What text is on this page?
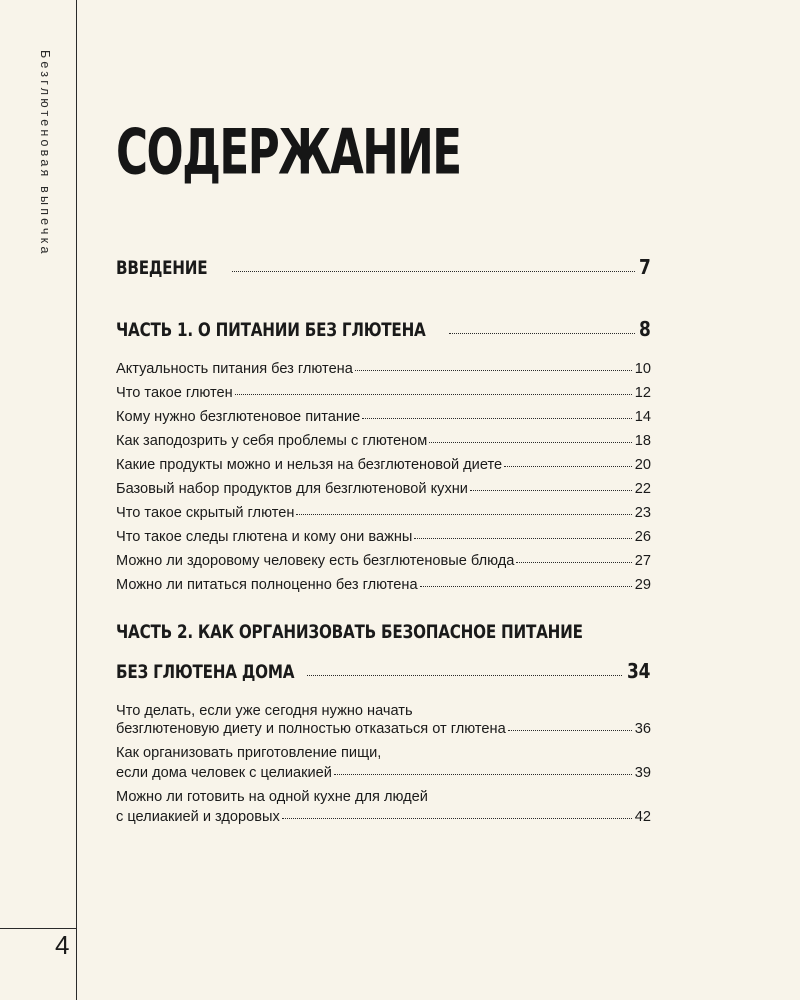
Безглютеновая выпечка
4
СОДЕРЖАНИЕ
ВВЕДЕНИЕ	7
ЧАСТЬ 1. О ПИТАНИИ БЕЗ ГЛЮТЕНА	8
Актуальность питания без глютена	10
Что такое глютен	12
Кому нужно безглютеновое питание	14
Как заподозрить у себя проблемы с глютеном	18
Какие продукты можно и нельзя на безглютеновой диете	20
Базовый набор продуктов для безглютеновой кухни	22
Что такое скрытый глютен	23
Что такое следы глютена и кому они важны	26
Можно ли здоровому человеку есть безглютеновые блюда	27
Можно ли питаться полноценно без глютена	29
ЧАСТЬ 2. КАК ОРГАНИЗОВАТЬ БЕЗОПАСНОЕ ПИТАНИЕ
БЕЗ ГЛЮТЕНА ДОМА	34
Что делать, если уже сегодня нужно начать
безглютеновую диету и полностью отказаться от глютена	36
Как организовать приготовление пищи,
если дома человек с целиакией	39
Можно ли готовить на одной кухне для людей
с целиакией и здоровых	42
